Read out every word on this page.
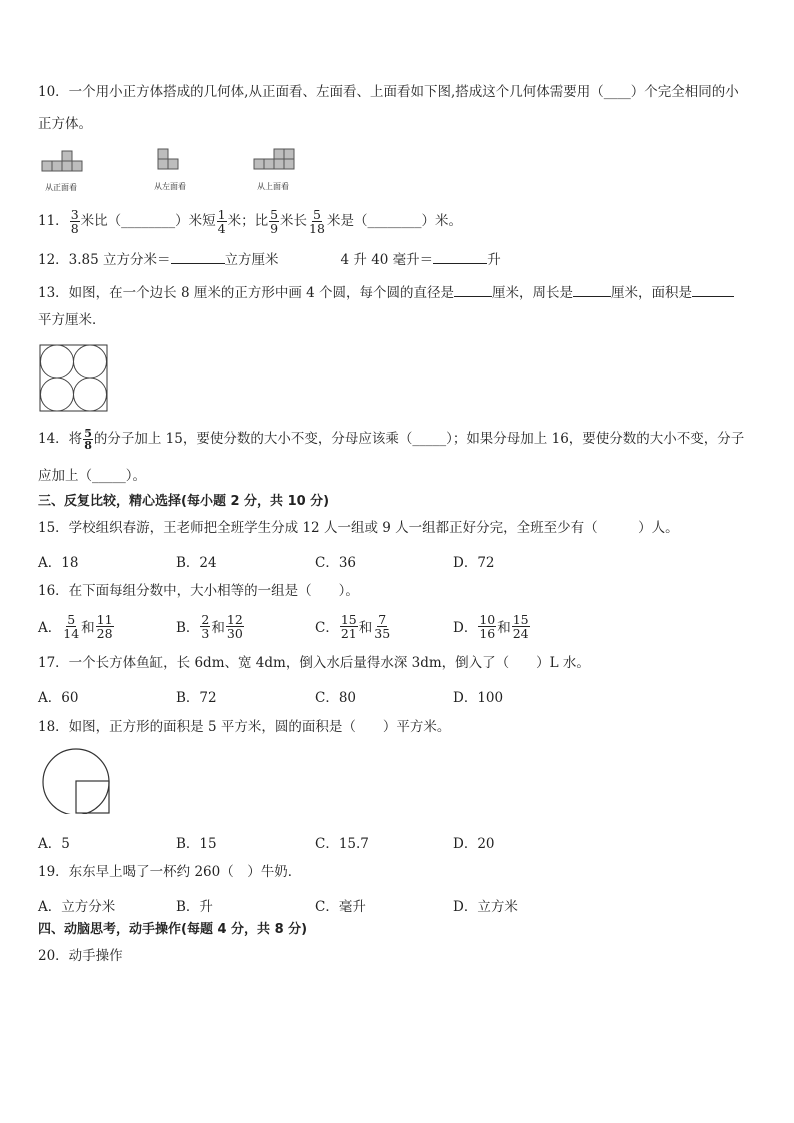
10．一个用小正方体搭成的几何体,从正面看、左面看、上面看如下图,搭成这个几何体需要用（____）个完全相同的小
正方体。
从正面看	从左面看	从上面看
11． $\frac{3}{8}$ 米比（________）米短 $\frac{1}{4}$ 米；比 $\frac{5}{9}$ 米长 $\frac{5}{18}$ 米是（________）米。
12．3.85 立方分米＝	立方厘米	4 升 40 毫升＝	升
13．如图，在一个边长 8 厘米的正方形中画 4 个圆，每个圆的直径是	厘米，周长是	厘米，面积是
平方厘米．
14．将 $\frac{5}{8}$ 的分子加上 15，要使分数的大小不变，分母应该乘（_____）；如果分母加上 16，要使分数的大小不变，分子
应加上（_____）。
三、反复比较，精心选择(每小题 2 分，共 10 分)
15．学校组织春游，王老师把全班学生分成 12 人一组或 9 人一组都正好分完，全班至少有（　　　）人。
A．18	B．24	C．36	D．72
16．在下面每组分数中，大小相等的一组是（　　）。
A． $\frac{5}{14}$ 和 $\frac{11}{28}$	B． $\frac{2}{3}$ 和 $\frac{12}{30}$	C． $\frac{15}{21}$ 和 $\frac{7}{35}$	D． $\frac{10}{16}$ 和 $\frac{15}{24}$
17．一个长方体鱼缸，长 6dm、宽 4dm，倒入水后量得水深 3dm，倒入了（　　）L 水。
A．60	B．72	C．80	D．100
18．如图，正方形的面积是 5 平方米，圆的面积是（　　）平方米。
A．5	B．15	C．15.7	D．20
19．东东早上喝了一杯约 260（　）牛奶．
A．立方分米	B．升	C．毫升	D．立方米
四、动脑思考，动手操作(每题 4 分，共 8 分)
20．动手操作
